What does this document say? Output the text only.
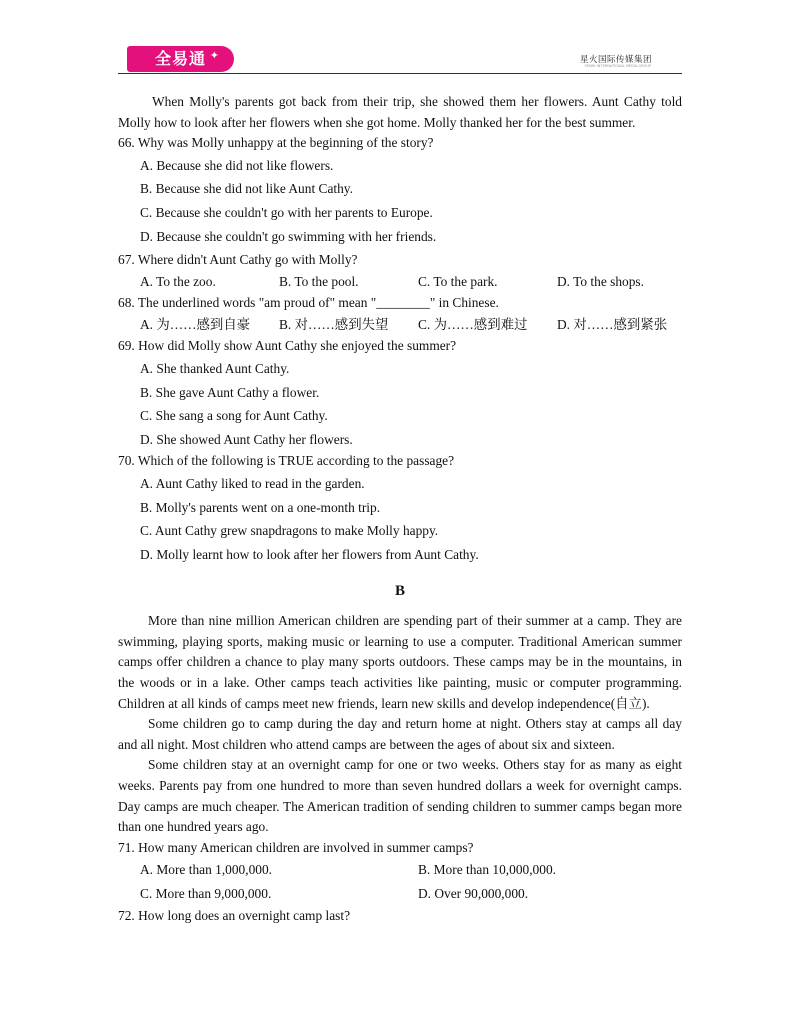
全易通 ✦	星火国际传媒集团
SPARK INTERNATIONAL MEDIA GROUP

When Molly's parents got back from their trip, she showed them her flowers. Aunt Cathy told Molly how to look after her flowers when she got home. Molly thanked her for the best summer.

66. Why was Molly unhappy at the beginning of the story?
A. Because she did not like flowers.
B. Because she did not like Aunt Cathy.
C. Because she couldn't go with her parents to Europe.
D. Because she couldn't go swimming with her friends.
67. Where didn't Aunt Cathy go with Molly?
A. To the zoo.	B. To the pool.	C. To the park.	D. To the shops.
68. The underlined words "am proud of" mean "________" in Chinese.
A. 为……感到自豪	B. 对……感到失望	C. 为……感到难过	D. 对……感到紧张
69. How did Molly show Aunt Cathy she enjoyed the summer?
A. She thanked Aunt Cathy.
B. She gave Aunt Cathy a flower.
C. She sang a song for Aunt Cathy.
D. She showed Aunt Cathy her flowers.
70. Which of the following is TRUE according to the passage?
A. Aunt Cathy liked to read in the garden.
B. Molly's parents went on a one-month trip.
C. Aunt Cathy grew snapdragons to make Molly happy.
D. Molly learnt how to look after her flowers from Aunt Cathy.
B

More than nine million American children are spending part of their summer at a camp. They are swimming, playing sports, making music or learning to use a computer. Traditional American summer camps offer children a chance to play many sports outdoors. These camps may be in the mountains, in the woods or in a lake. Other camps teach activities like painting, music or computer programming. Children at all kinds of camps meet new friends, learn new skills and develop independence(自立).

Some children go to camp during the day and return home at night. Others stay at camps all day and all night. Most children who attend camps are between the ages of about six and sixteen.

Some children stay at an overnight camp for one or two weeks. Others stay for as many as eight weeks. Parents pay from one hundred to more than seven hundred dollars a week for overnight camps. Day camps are much cheaper. The American tradition of sending children to summer camps began more than one hundred years ago.

71. How many American children are involved in summer camps?
A. More than 1,000,000.	B. More than 10,000,000.
C. More than 9,000,000.	D. Over 90,000,000.
72. How long does an overnight camp last?
